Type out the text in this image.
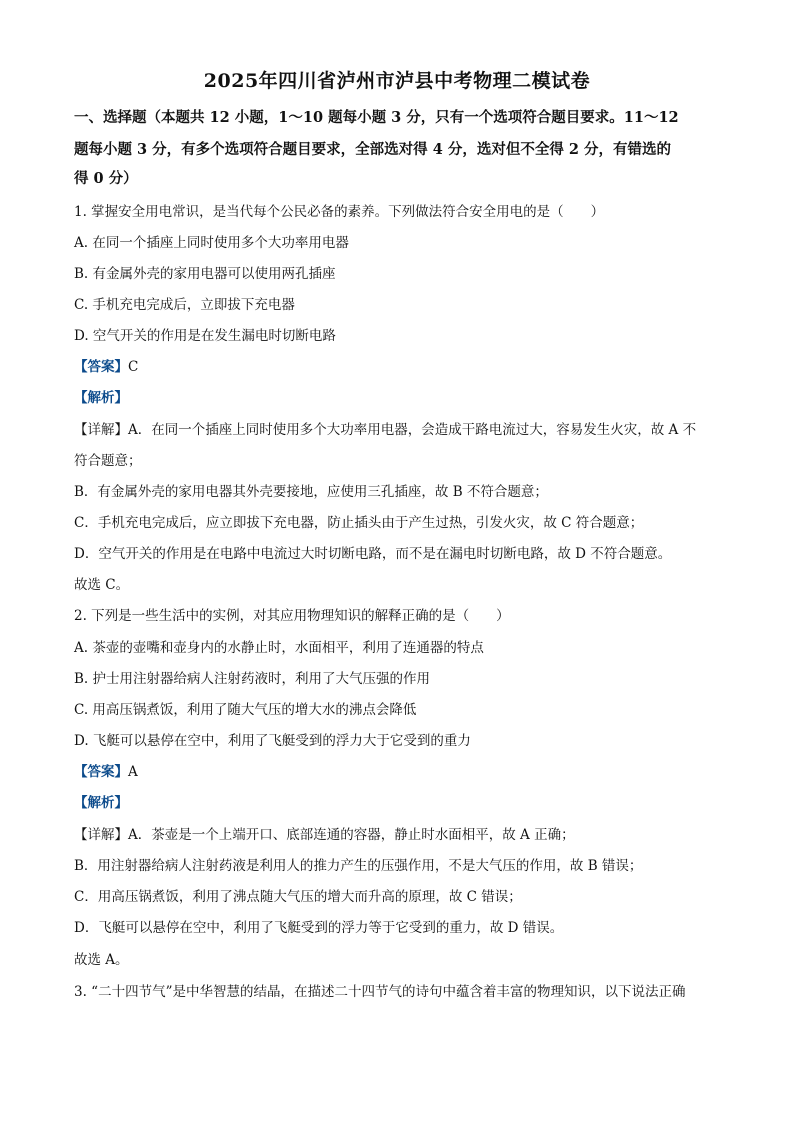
2025年四川省泸州市泸县中考物理二模试卷
一、选择题（本题共 12 小题，1～10 题每小题 3 分，只有一个选项符合题目要求。11～12
题每小题 3 分，有多个选项符合题目要求，全部选对得 4 分，选对但不全得 2 分，有错选的
得 0 分）
1. 掌握安全用电常识，是当代每个公民必备的素养。下列做法符合安全用电的是（　　）
A. 在同一个插座上同时使用多个大功率用电器
B. 有金属外壳的家用电器可以使用两孔插座
C. 手机充电完成后，立即拔下充电器
D. 空气开关的作用是在发生漏电时切断电路
【答案】C
【解析】
【详解】A．在同一个插座上同时使用多个大功率用电器，会造成干路电流过大，容易发生火灾，故 A 不
符合题意；
B．有金属外壳的家用电器其外壳要接地，应使用三孔插座，故 B 不符合题意；
C．手机充电完成后，应立即拔下充电器，防止插头由于产生过热，引发火灾，故 C 符合题意；
D．空气开关的作用是在电路中电流过大时切断电路，而不是在漏电时切断电路，故 D 不符合题意。
故选 C。
2. 下列是一些生活中的实例，对其应用物理知识的解释正确的是（　　）
A. 茶壶的壶嘴和壶身内的水静止时，水面相平，利用了连通器的特点
B. 护士用注射器给病人注射药液时，利用了大气压强的作用
C. 用高压锅煮饭，利用了随大气压的增大水的沸点会降低
D. 飞艇可以悬停在空中，利用了飞艇受到的浮力大于它受到的重力
【答案】A
【解析】
【详解】A．茶壶是一个上端开口、底部连通的容器，静止时水面相平，故 A 正确；
B．用注射器给病人注射药液是利用人的推力产生的压强作用，不是大气压的作用，故 B 错误；
C．用高压锅煮饭，利用了沸点随大气压的增大而升高的原理，故 C 错误；
D．飞艇可以悬停在空中，利用了飞艇受到的浮力等于它受到的重力，故 D 错误。
故选 A。
3. “二十四节气”是中华智慧的结晶，在描述二十四节气的诗句中蕴含着丰富的物理知识，以下说法正确
